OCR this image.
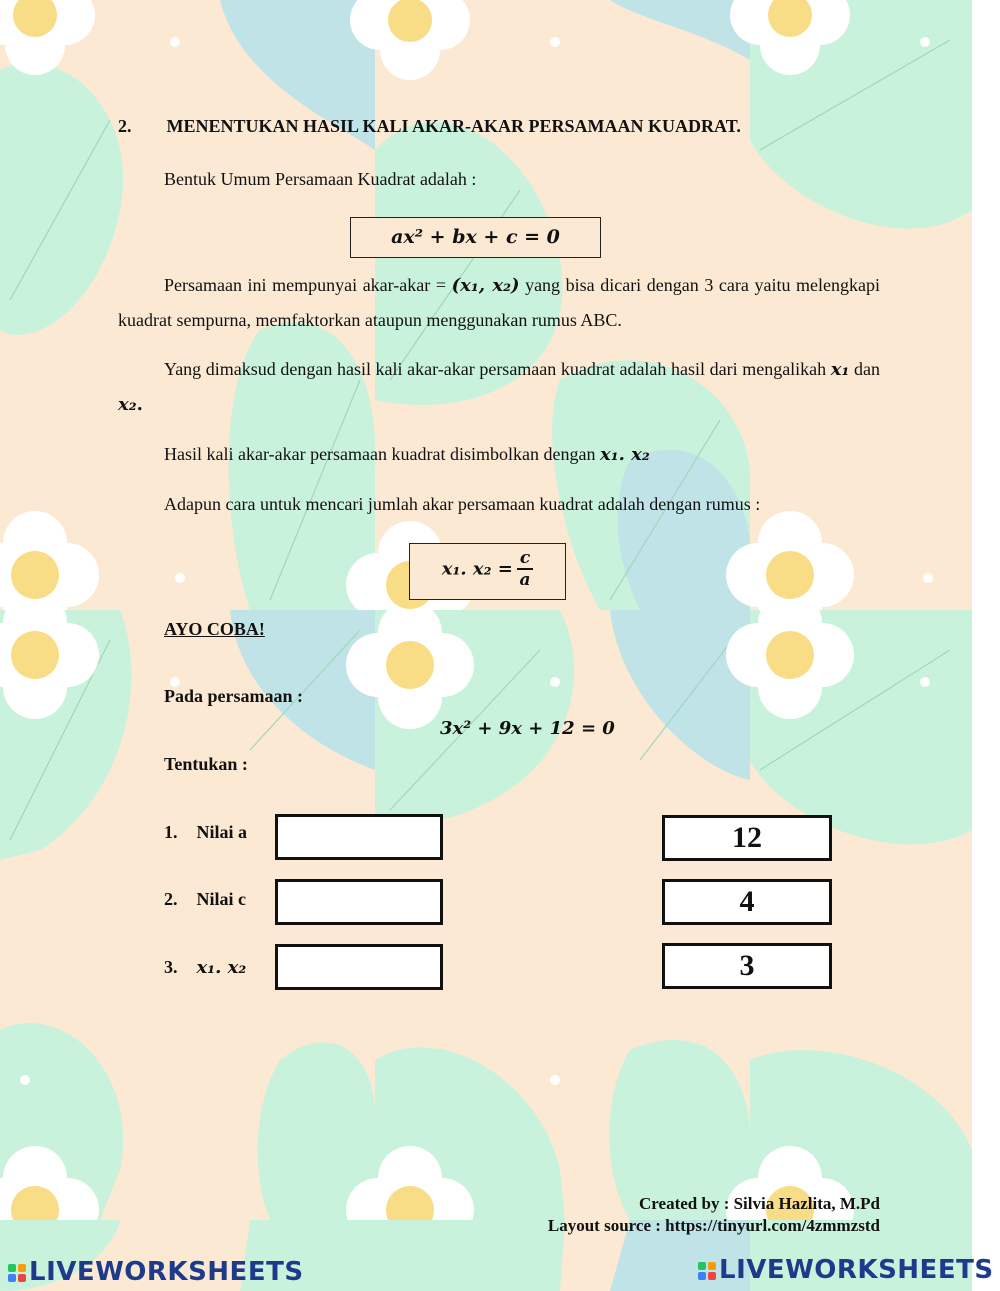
2. MENENTUKAN HASIL KALI AKAR-AKAR PERSAMAAN KUADRAT.
Bentuk Umum Persamaan Kuadrat adalah :
ax² + bx + c = 0
Persamaan ini mempunyai akar-akar = (x₁, x₂) yang bisa dicari dengan 3 cara yaitu melengkapi kuadrat sempurna, memfaktorkan ataupun menggunakan rumus ABC.
Yang dimaksud dengan hasil kali akar-akar persamaan kuadrat adalah hasil dari mengalikah x₁ dan x₂.
Hasil kali akar-akar persamaan kuadrat disimbolkan dengan x₁. x₂
Adapun cara untuk mencari jumlah akar persamaan kuadrat adalah dengan rumus :
x₁. $x_2 = \frac{c}{a}$
AYO COBA!
Pada persamaan :
3x² + 9x + 12 = 0
Tentukan :
1. Nilai a	12
2. Nilai c	4
3. x₁. x₂	3
Created by : Silvia Hazlita, M.Pd
Layout source : https://tinyurl.com/4zmmzstd
LIVEWORKSHEETS	LIVEWORKSHEETS
